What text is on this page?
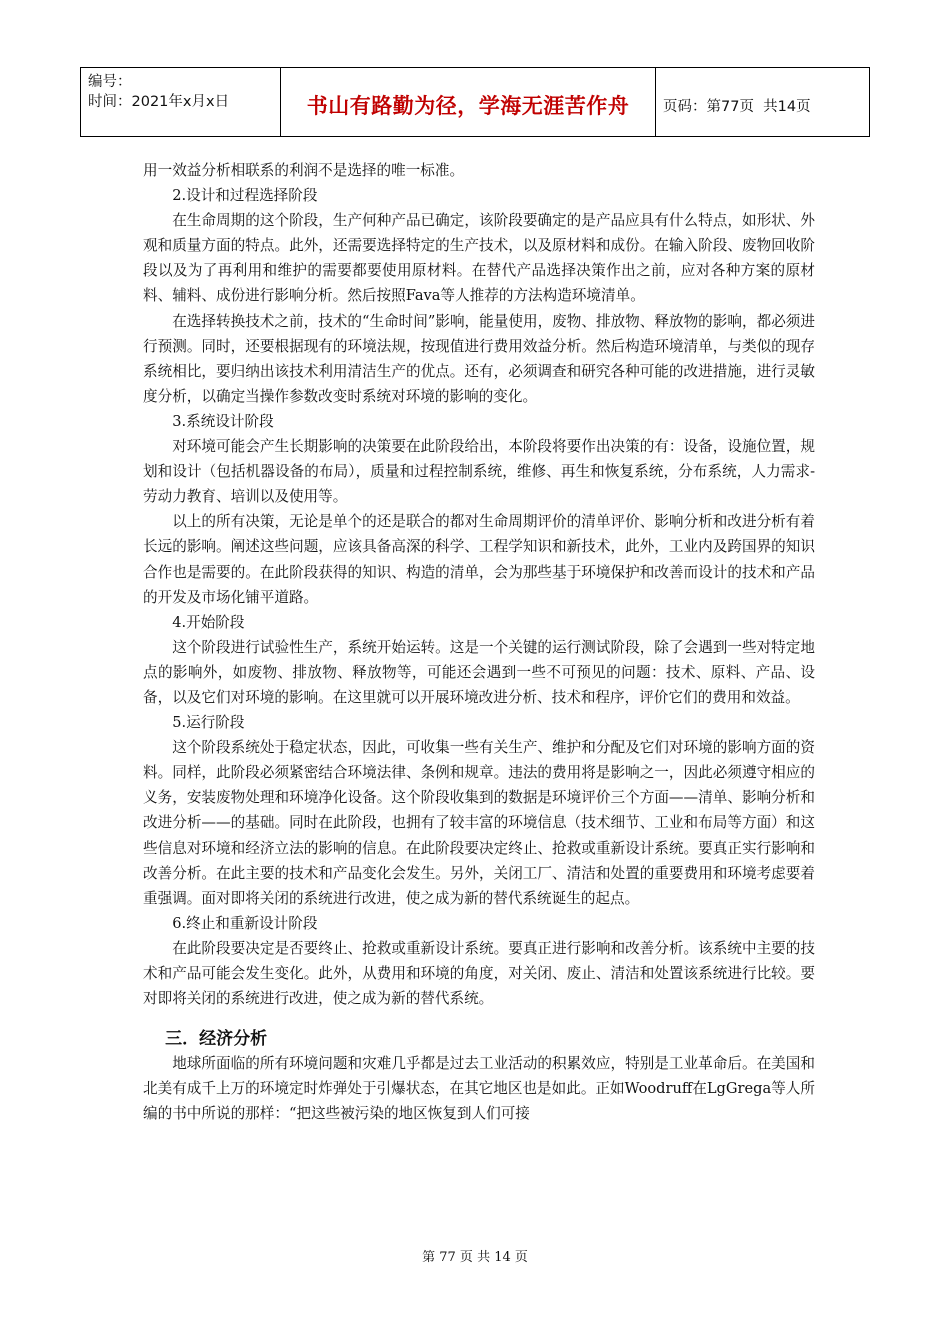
编号：
时间：2021年x月x日	书山有路勤为径，学海无涯苦作舟 页码：第77页  共14页

用一效益分析相联系的利润不是选择的唯一标准。

2.设计和过程选择阶段

在生命周期的这个阶段，生产何种产品已确定，该阶段要确定的是产品应具有什么特点，如形状、外观和质量方面的特点。此外，还需要选择特定的生产技术，以及原材料和成份。在输入阶段、废物回收阶段以及为了再利用和维护的需要都要使用原材料。在替代产品选择决策作出之前，应对各种方案的原材料、辅料、成份进行影响分析。然后按照Fava等人推荐的方法构造环境清单。

在选择转换技术之前，技术的“生命时间”影响，能量使用，废物、排放物、释放物的影响，都必须进行预测。同时，还要根据现有的环境法规，按现值进行费用效益分析。然后构造环境清单，与类似的现存系统相比，要归纳出该技术利用清洁生产的优点。还有，必须调查和研究各种可能的改进措施，进行灵敏度分析，以确定当操作参数改变时系统对环境的影响的变化。

3.系统设计阶段

对环境可能会产生长期影响的决策要在此阶段给出，本阶段将要作出决策的有：设备，设施位置，规划和设计（包括机器设备的布局），质量和过程控制系统，维修、再生和恢复系统，分布系统，人力需求-劳动力教育、培训以及使用等。

以上的所有决策，无论是单个的还是联合的都对生命周期评价的清单评价、影响分析和改进分析有着长远的影响。阐述这些问题，应该具备高深的科学、工程学知识和新技术，此外，工业内及跨国界的知识合作也是需要的。在此阶段获得的知识、构造的清单，会为那些基于环境保护和改善而设计的技术和产品的开发及市场化铺平道路。

4.开始阶段

这个阶段进行试验性生产，系统开始运转。这是一个关键的运行测试阶段，除了会遇到一些对特定地点的影响外，如废物、排放物、释放物等，可能还会遇到一些不可预见的问题：技术、原料、产品、设备，以及它们对环境的影响。在这里就可以开展环境改进分析、技术和程序，评价它们的费用和效益。

5.运行阶段

这个阶段系统处于稳定状态，因此，可收集一些有关生产、维护和分配及它们对环境的影响方面的资料。同样，此阶段必须紧密结合环境法律、条例和规章。违法的费用将是影响之一，因此必须遵守相应的义务，安装废物处理和环境净化设备。这个阶段收集到的数据是环境评价三个方面——清单、影响分析和改进分析——的基础。同时在此阶段，也拥有了较丰富的环境信息（技术细节、工业和布局等方面）和这些信息对环境和经济立法的影响的信息。在此阶段要决定终止、抢救或重新设计系统。要真正实行影响和改善分析。在此主要的技术和产品变化会发生。另外，关闭工厂、清洁和处置的重要费用和环境考虑要着重强调。面对即将关闭的系统进行改进，使之成为新的替代系统诞生的起点。

6.终止和重新设计阶段

在此阶段要决定是否要终止、抢救或重新设计系统。要真正进行影响和改善分析。该系统中主要的技术和产品可能会发生变化。此外，从费用和环境的角度，对关闭、废止、清洁和处置该系统进行比较。要对即将关闭的系统进行改进，使之成为新的替代系统。

三．经济分析

地球所面临的所有环境问题和灾难几乎都是过去工业活动的积累效应，特别是工业革命后。在美国和北美有成千上万的环境定时炸弹处于引爆状态，在其它地区也是如此。正如Woodruff在LgGrega等人所编的书中所说的那样：“把这些被污染的地区恢复到人们可接

第 77 页 共 14 页
